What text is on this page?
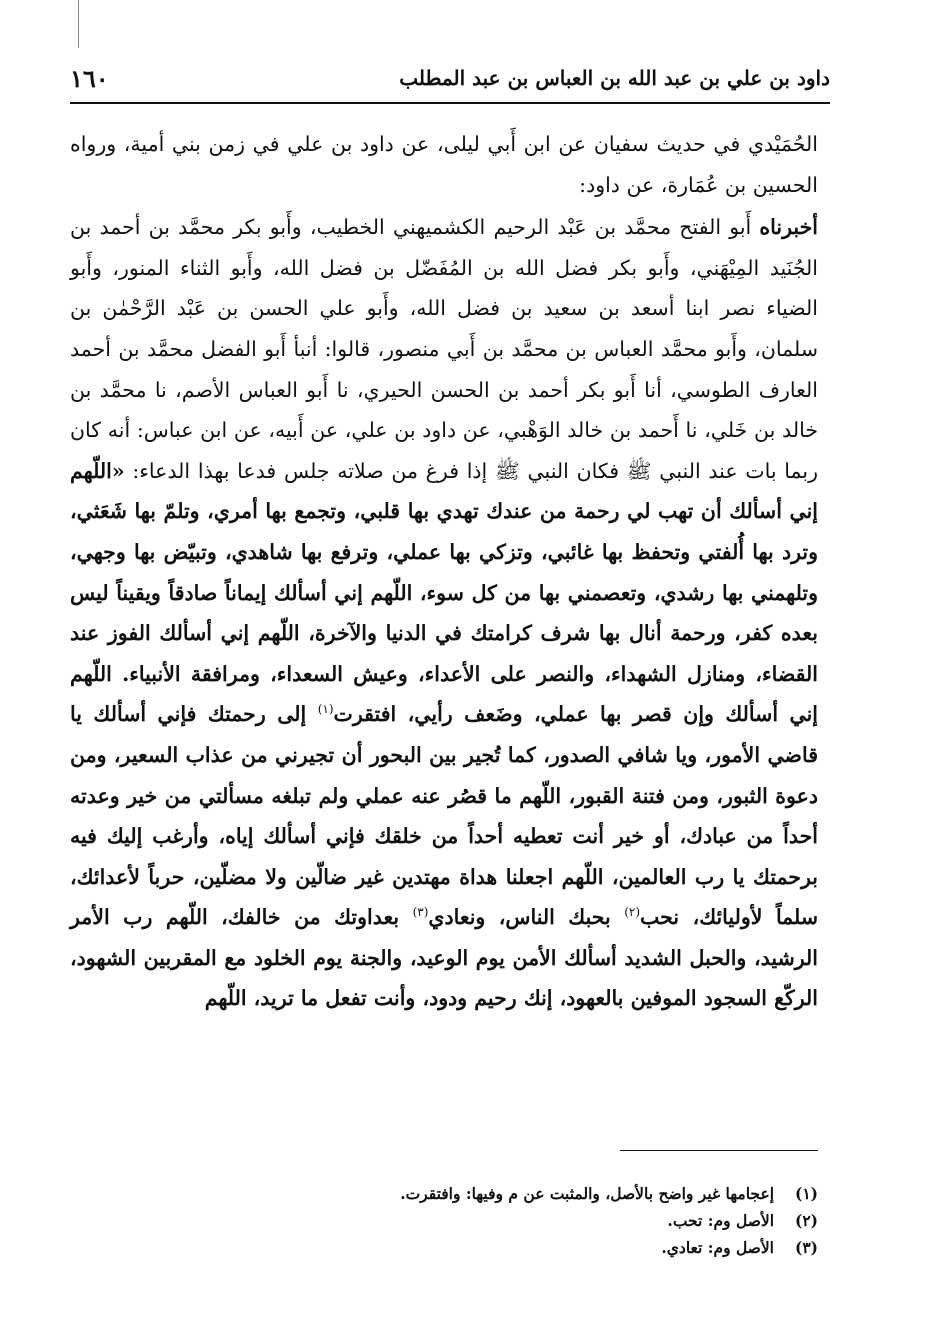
داود بن علي بن عبد الله بن العباس بن عبد المطلب
١٦٠

الحُمَيْدي في حديث سفيان عن ابن أَبي ليلى، عن داود بن علي في زمن بني أمية، ورواه الحسين بن عُمَارة، عن داود:

أخبرناه أَبو الفتح محمَّد بن عَبْد الرحيم الكشميهني الخطيب، وأَبو بكر محمَّد بن أحمد بن الجُنَيد المِيْهَني، وأَبو بكر فضل الله بن المُفَضّل بن فضل الله، وأَبو الثناء المنور، وأَبو الضياء نصر ابنا أسعد بن سعيد بن فضل الله، وأَبو علي الحسن بن عَبْد الرَّحْمٰن بن سلمان، وأَبو محمَّد العباس بن محمَّد بن أَبي منصور، قالوا: أنبأ أَبو الفضل محمَّد بن أحمد العارف الطوسي، أنا أَبو بكر أحمد بن الحسن الحيري، نا أَبو العباس الأصم، نا محمَّد بن خالد بن خَلي، نا أَحمد بن خالد الوَهْبي، عن داود بن علي، عن أَبيه، عن ابن عباس: أنه كان ربما بات عند النبي ﷺ فكان النبي ﷺ إذا فرغ من صلاته جلس فدعا بهذا الدعاء: «اللّهم إني أسألك أن تهب لي رحمة من عندك تهدي بها قلبي، وتجمع بها أمري، وتلمّ بها شَعَثي، وترد بها أُلفتي وتحفظ بها غائبي، وتزكي بها عملي، وترفع بها شاهدي، وتبيّض بها وجهي، وتلهمني بها رشدي، وتعصمني بها من كل سوء، اللّهم إني أسألك إيماناً صادقاً ويقيناً ليس بعده كفر، ورحمة أنال بها شرف كرامتك في الدنيا والآخرة، اللّهم إني أسألك الفوز عند القضاء، ومنازل الشهداء، والنصر على الأعداء، وعيش السعداء، ومرافقة الأنبياء. اللّهم إني أسألك وإن قصر بها عملي، وضَعف رأيي، افتقرت$^{(١)}$ إلى رحمتك فإني أسألك يا قاضي الأمور، ويا شافي الصدور، كما تُجير بين البحور أن تجيرني من عذاب السعير، ومن دعوة الثبور، ومن فتنة القبور، اللّهم ما قصُر عنه عملي ولم تبلغه مسألتي من خير وعدته أحداً من عبادك، أو خير أنت تعطيه أحداً من خلقك فإني أسألك إياه، وأرغب إليك فيه برحمتك يا رب العالمين، اللّهم اجعلنا هداة مهتدين غير ضالّين ولا مضلّين، حرباً لأعدائك، سلماً لأوليائك، نحب$^{(٢)}$ بحبك الناس، ونعادي$^{(٣)}$ بعداوتك من خالفك، اللّهم رب الأمر الرشيد، والحبل الشديد أسألك الأمن يوم الوعيد، والجنة يوم الخلود مع المقربين الشهود، الركّع السجود الموفين بالعهود، إنك رحيم ودود، وأنت تفعل ما تريد، اللّهم

(١)
إعجامها غير واضح بالأصل، والمثبت عن م وفيها: وافتقرت.
(٢)
الأصل وم: تحب.
(٣)
الأصل وم: تعادي.
